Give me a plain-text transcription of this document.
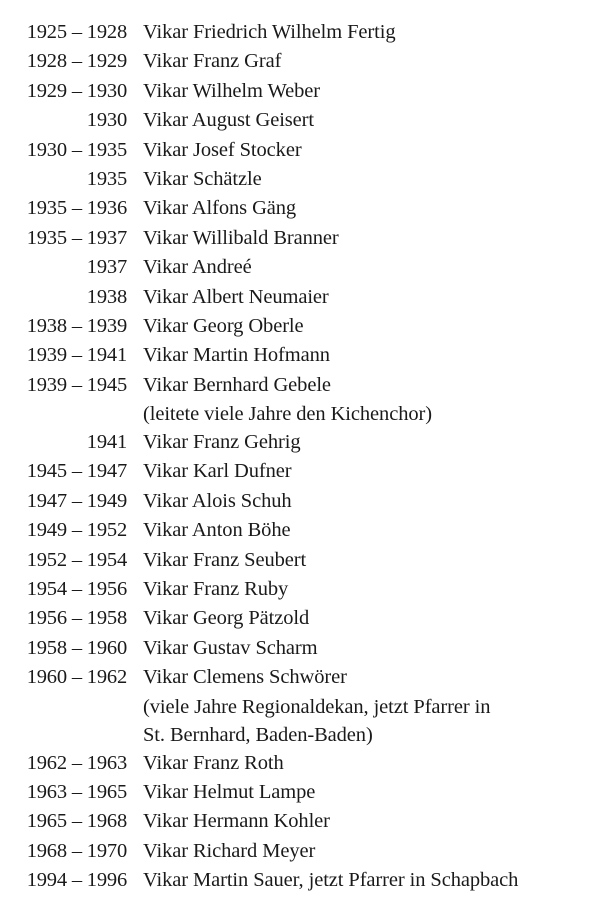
1925 – 1928 Vikar Friedrich Wilhelm Fertig
1928 – 1929 Vikar Franz Graf
1929 – 1930 Vikar Wilhelm Weber
1930 Vikar August Geisert
1930 – 1935 Vikar Josef Stocker
1935 Vikar Schätzle
1935 – 1936 Vikar Alfons Gäng
1935 – 1937 Vikar Willibald Branner
1937 Vikar Andreé
1938 Vikar Albert Neumaier
1938 – 1939 Vikar Georg Oberle
1939 – 1941 Vikar Martin Hofmann
1939 – 1945 Vikar Bernhard Gebele
(leitete viele Jahre den Kichenchor)
1941 Vikar Franz Gehrig
1945 – 1947 Vikar Karl Dufner
1947 – 1949 Vikar Alois Schuh
1949 – 1952 Vikar Anton Böhe
1952 – 1954 Vikar Franz Seubert
1954 – 1956 Vikar Franz Ruby
1956 – 1958 Vikar Georg Pätzold
1958 – 1960 Vikar Gustav Scharm
1960 – 1962 Vikar Clemens Schwörer
(viele Jahre Regionaldekan, jetzt Pfarrer in
St. Bernhard, Baden-Baden)
1962 – 1963 Vikar Franz Roth
1963 – 1965 Vikar Helmut Lampe
1965 – 1968 Vikar Hermann Kohler
1968 – 1970 Vikar Richard Meyer
1994 – 1996 Vikar Martin Sauer, jetzt Pfarrer in Schapbach
